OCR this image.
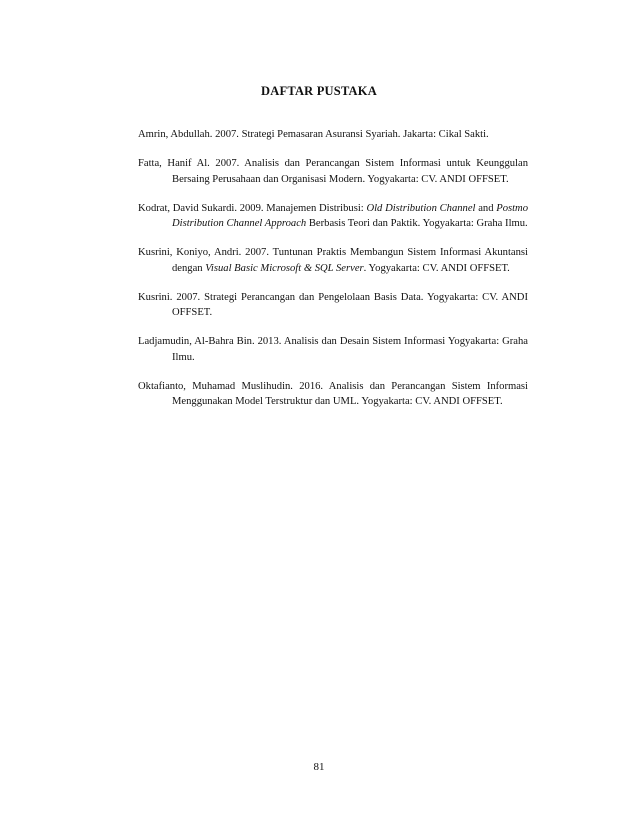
DAFTAR PUSTAKA

Amrin, Abdullah. 2007. Strategi Pemasaran Asuransi Syariah. Jakarta: Cikal Sakti.

Fatta, Hanif Al. 2007. Analisis dan Perancangan Sistem Informasi untuk Keunggulan Bersaing Perusahaan dan Organisasi Modern. Yogyakarta: CV. ANDI OFFSET.

Kodrat, David Sukardi. 2009. Manajemen Distribusi: Old Distribution Channel and Postmo Distribution Channel Approach Berbasis Teori dan Paktik. Yogyakarta: Graha Ilmu.

Kusrini, Koniyo, Andri. 2007. Tuntunan Praktis Membangun Sistem Informasi Akuntansi dengan Visual Basic Microsoft & SQL Server. Yogyakarta: CV. ANDI OFFSET.

Kusrini. 2007. Strategi Perancangan dan Pengelolaan Basis Data. Yogyakarta: CV. ANDI OFFSET.

Ladjamudin, Al-Bahra Bin. 2013. Analisis dan Desain Sistem Informasi Yogyakarta: Graha Ilmu.

Oktafianto, Muhamad Muslihudin. 2016. Analisis dan Perancangan Sistem Informasi Menggunakan Model Terstruktur dan UML. Yogyakarta: CV. ANDI OFFSET.

81
